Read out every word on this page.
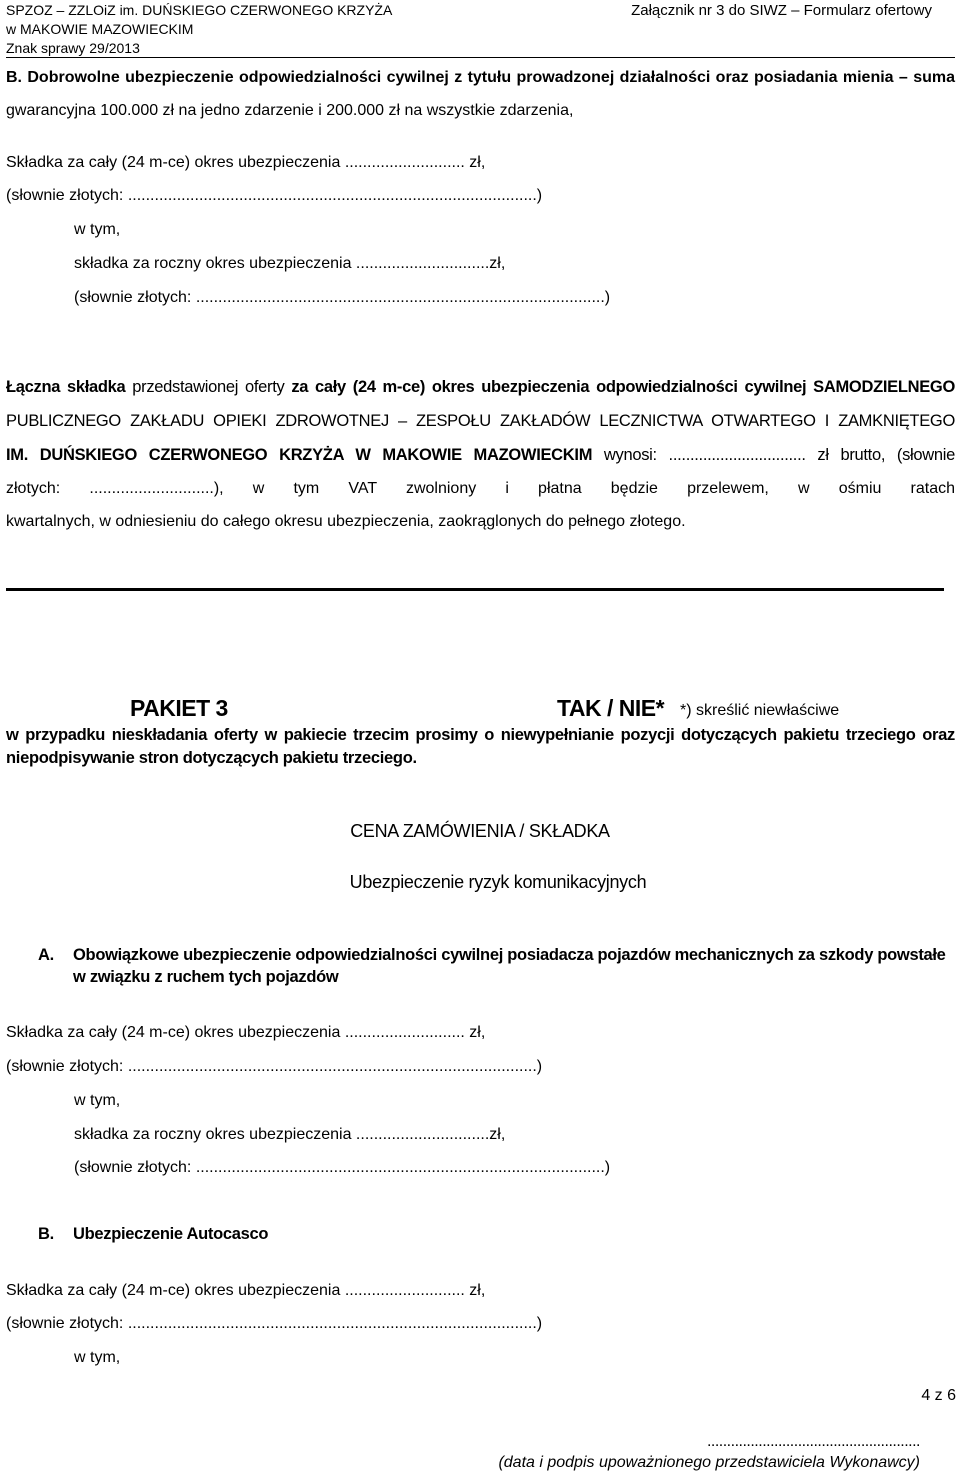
SPZOZ – ZZLOiZ im. DUŃSKIEGO CZERWONEGO KRZYŻA
w MAKOWIE MAZOWIECKIM
Znak sprawy 29/2013
Załącznik nr 3 do SIWZ – Formularz ofertowy
B. Dobrowolne ubezpieczenie odpowiedzialności cywilnej z tytułu prowadzonej działalności oraz posiadania mienia – suma
gwarancyjna 100.000 zł na jedno zdarzenie i 200.000 zł na wszystkie zdarzenia,
Składka za cały (24 m-ce) okres ubezpieczenia ........................... zł,
(słownie złotych: ............................................................................................)
w tym,
składka za roczny okres ubezpieczenia ..............................zł,
(słownie złotych: ............................................................................................)
Łączna składka przedstawionej oferty za cały (24 m-ce) okres ubezpieczenia odpowiedzialności cywilnej SAMODZIELNEGO
PUBLICZNEGO ZAKŁADU OPIEKI ZDROWOTNEJ – ZESPOŁU ZAKŁADÓW LECZNICTWA OTWARTEGO I ZAMKNIĘTEGO
IM. DUŃSKIEGO CZERWONEGO KRZYŻA W MAKOWIE MAZOWIECKIM wynosi: ................................ zł brutto, (słownie
złotych: ............................), w tym VAT zwolniony i płatna będzie przelewem, w ośmiu ratach
kwartalnych, w odniesieniu do całego okresu ubezpieczenia, zaokrąglonych do pełnego złotego.
PAKIET 3	TAK / NIE* *) skreślić niewłaściwe
w przypadku nieskładania oferty w pakiecie trzecim prosimy o niewypełnianie pozycji dotyczących pakietu trzeciego oraz
niepodpisywanie stron dotyczących pakietu trzeciego.
CENA ZAMÓWIENIA / SKŁADKA
Ubezpieczenie ryzyk komunikacyjnych
A. Obowiązkowe ubezpieczenie odpowiedzialności cywilnej posiadacza pojazdów mechanicznych za szkody powstałe
w związku z ruchem tych pojazdów
Składka za cały (24 m-ce) okres ubezpieczenia ........................... zł,
(słownie złotych: ............................................................................................)
w tym,
składka za roczny okres ubezpieczenia ..............................zł,
(słownie złotych: ............................................................................................)
B. Ubezpieczenie Autocasco
Składka za cały (24 m-ce) okres ubezpieczenia ........................... zł,
(słownie złotych: ............................................................................................)
w tym,
4 z 6
......................................................
(data i podpis upoważnionego przedstawiciela Wykonawcy)
